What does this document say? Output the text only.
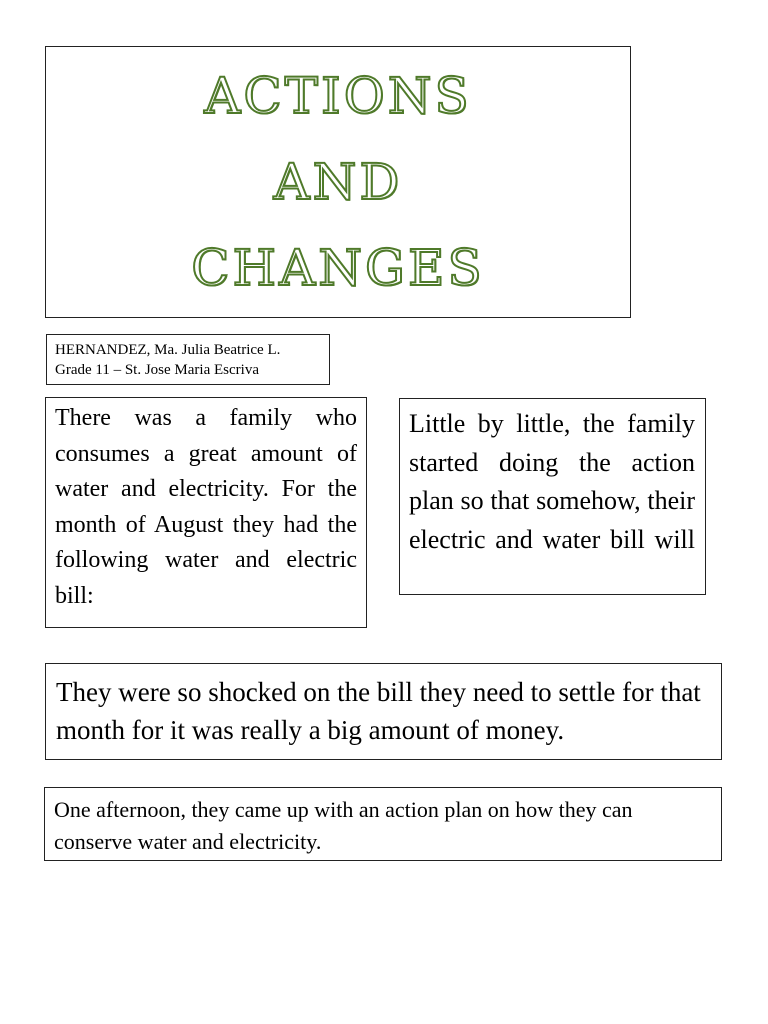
ACTIONS
AND
CHANGES
HERNANDEZ, Ma. Julia Beatrice L.
Grade 11 – St. Jose Maria Escriva
There was a family who consumes a great amount of water and electricity. For the month of August they had the following water and electric bill:
Little by little, the family started doing the action plan so that somehow, their electric and water bill will
They were so shocked on the bill they need to settle for that month for it was really a big amount of money.
One afternoon, they came up with an action plan on how they can conserve water and electricity.
